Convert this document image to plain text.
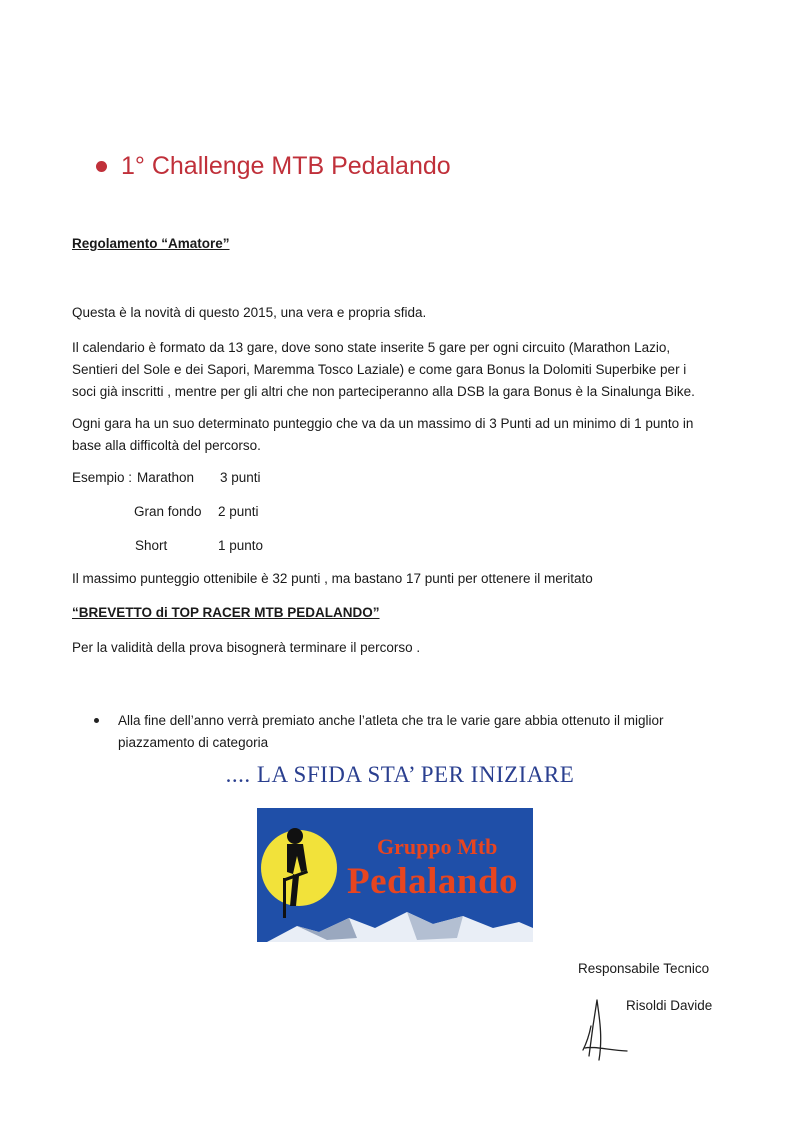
1° Challenge MTB Pedalando
Regolamento “Amatore”
Questa è la novità di questo 2015, una vera e propria sfida.
Il calendario è formato da 13 gare, dove sono state inserite 5 gare per ogni circuito (Marathon Lazio, Sentieri del Sole e dei Sapori, Maremma Tosco Laziale) e come gara Bonus la Dolomiti Superbike per i soci già inscritti , mentre per gli altri che non parteciperanno alla DSB la gara Bonus è la Sinalunga Bike.
Ogni gara ha un suo determinato punteggio che va da un massimo di 3 Punti ad un minimo di 1 punto in base alla difficoltà del percorso.
Esempio : Marathon 3 punti
Gran fondo 2 punti
Short	1 punto
Il massimo punteggio ottenibile è 32 punti , ma bastano 17 punti per ottenere il meritato
“BREVETTO di TOP RACER MTB PEDALANDO”
Per la validità della prova bisognerà terminare il percorso .
Alla fine dell’anno verrà premiato anche l’atleta che tra le varie gare abbia ottenuto il miglior piazzamento di categoria
.... LA SFIDA STA’ PER INIZIARE
Gruppo Mtb
Pedalando
Responsabile Tecnico
Risoldi Davide
